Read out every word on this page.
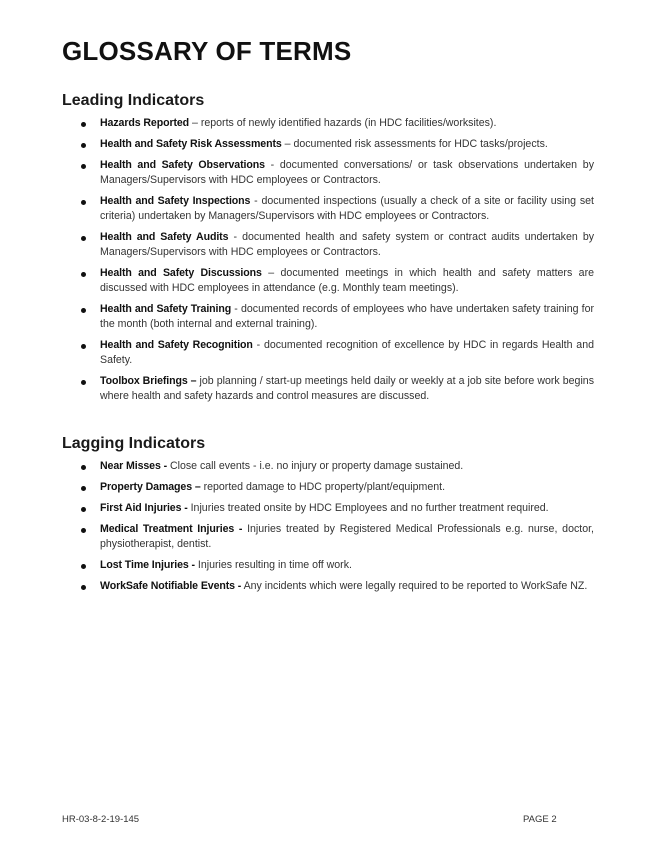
GLOSSARY OF TERMS
Leading Indicators
Hazards Reported – reports of newly identified hazards (in HDC facilities/worksites).
Health and Safety Risk Assessments – documented risk assessments for HDC tasks/projects.
Health and Safety Observations - documented conversations/ or task observations undertaken by Managers/Supervisors with HDC employees or Contractors.
Health and Safety Inspections - documented inspections (usually a check of a site or facility using set criteria) undertaken by Managers/Supervisors with HDC employees or Contractors.
Health and Safety Audits - documented health and safety system or contract audits undertaken by Managers/Supervisors with HDC employees or Contractors.
Health and Safety Discussions – documented meetings in which health and safety matters are discussed with HDC employees in attendance (e.g. Monthly team meetings).
Health and Safety Training - documented records of employees who have undertaken safety training for the month (both internal and external training).
Health and Safety Recognition - documented recognition of excellence by HDC in regards Health and Safety.
Toolbox Briefings – job planning / start-up meetings held daily or weekly at a job site before work begins where health and safety hazards and control measures are discussed.
Lagging Indicators
Near Misses - Close call events - i.e. no injury or property damage sustained.
Property Damages – reported damage to HDC property/plant/equipment.
First Aid Injuries - Injuries treated onsite by HDC Employees and no further treatment required.
Medical Treatment Injuries - Injuries treated by Registered Medical Professionals e.g. nurse, doctor, physiotherapist, dentist.
Lost Time Injuries - Injuries resulting in time off work.
WorkSafe Notifiable Events - Any incidents which were legally required to be reported to WorkSafe NZ.
HR-03-8-2-19-145	PAGE 2
